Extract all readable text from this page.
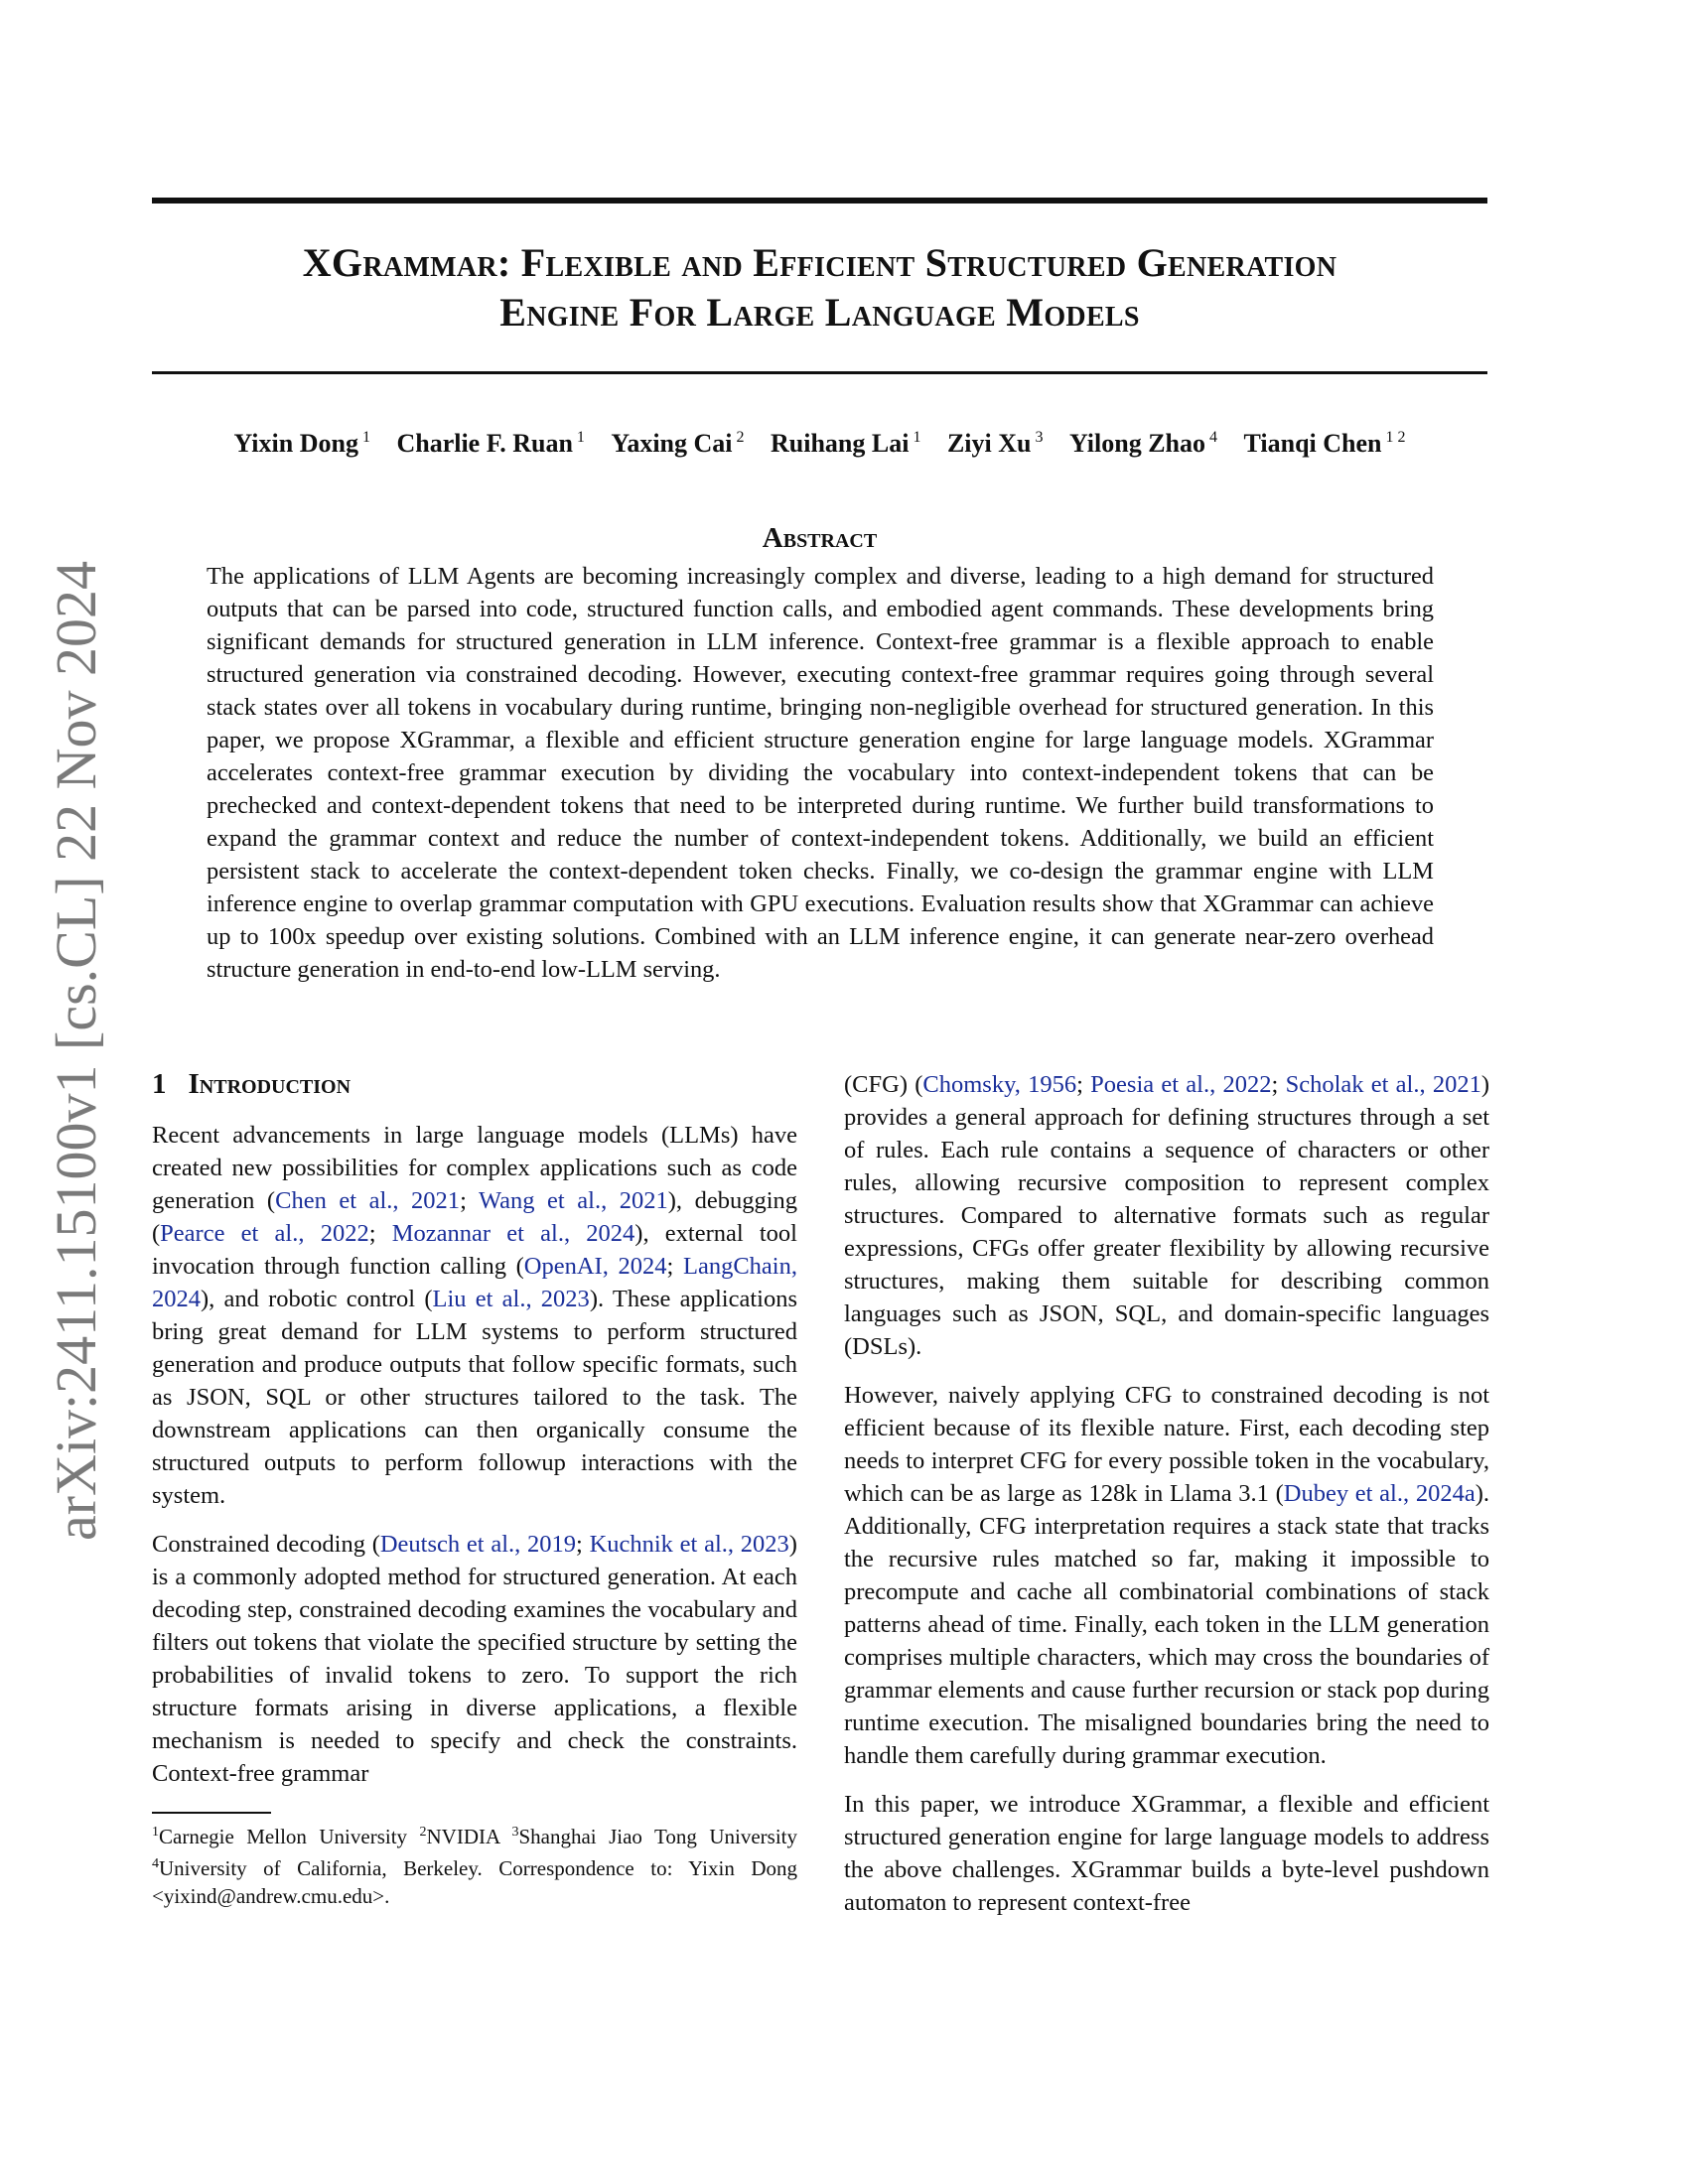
arXiv:2411.15100v1 [cs.CL] 22 Nov 2024
XGrammar: Flexible and Efficient Structured Generation
Engine For Large Language Models
Yixin Dong $^1$ Charlie F. Ruan $^1$ Yaxing Cai $^2$ Ruihang Lai $^1$ Ziyi Xu $^3$ Yilong Zhao $^4$ Tianqi Chen $^{1 2}$
Abstract

The applications of LLM Agents are becoming increasingly complex and diverse, leading to a high demand for structured outputs that can be parsed into code, structured function calls, and embodied agent commands. These developments bring significant demands for structured generation in LLM inference. Context-free grammar is a flexible approach to enable structured generation via constrained decoding. However, executing context-free grammar requires going through several stack states over all tokens in vocabulary during runtime, bringing non-negligible overhead for structured generation. In this paper, we propose XGrammar, a flexible and efficient structure generation engine for large language models. XGrammar accelerates context-free grammar execution by dividing the vocabulary into context-independent tokens that can be prechecked and context-dependent tokens that need to be interpreted during runtime. We further build transformations to expand the grammar context and reduce the number of context-independent tokens. Additionally, we build an efficient persistent stack to accelerate the context-dependent token checks. Finally, we co-design the grammar engine with LLM inference engine to overlap grammar computation with GPU executions. Evaluation results show that XGrammar can achieve up to 100x speedup over existing solutions. Combined with an LLM inference engine, it can generate near-zero overhead structure generation in end-to-end low-LLM serving.

1 Introduction

Recent advancements in large language models (LLMs) have created new possibilities for complex applications such as code generation (Chen et al., 2021; Wang et al., 2021), debugging (Pearce et al., 2022; Mozannar et al., 2024), external tool invocation through function calling (OpenAI, 2024; LangChain, 2024), and robotic control (Liu et al., 2023). These applications bring great demand for LLM systems to perform structured generation and produce outputs that follow specific formats, such as JSON, SQL or other structures tailored to the task. The downstream applications can then organically consume the structured outputs to perform followup interactions with the system.

Constrained decoding (Deutsch et al., 2019; Kuchnik et al., 2023) is a commonly adopted method for structured generation. At each decoding step, constrained decoding examines the vocabulary and filters out tokens that violate the specified structure by setting the probabilities of invalid tokens to zero. To support the rich structure formats arising in diverse applications, a flexible mechanism is needed to specify and check the constraints. Context-free grammar

$^1$Carnegie Mellon University $^2$NVIDIA $^3$Shanghai Jiao Tong University $^4$University of California, Berkeley. Correspondence to: Yixin Dong <yixind@andrew.cmu.edu>.

(CFG) (Chomsky, 1956; Poesia et al., 2022; Scholak et al., 2021) provides a general approach for defining structures through a set of rules. Each rule contains a sequence of characters or other rules, allowing recursive composition to represent complex structures. Compared to alternative formats such as regular expressions, CFGs offer greater flexibility by allowing recursive structures, making them suitable for describing common languages such as JSON, SQL, and domain-specific languages (DSLs).

However, naively applying CFG to constrained decoding is not efficient because of its flexible nature. First, each decoding step needs to interpret CFG for every possible token in the vocabulary, which can be as large as 128k in Llama 3.1 (Dubey et al., 2024a). Additionally, CFG interpretation requires a stack state that tracks the recursive rules matched so far, making it impossible to precompute and cache all combinatorial combinations of stack patterns ahead of time. Finally, each token in the LLM generation comprises multiple characters, which may cross the boundaries of grammar elements and cause further recursion or stack pop during runtime execution. The misaligned boundaries bring the need to handle them carefully during grammar execution.

In this paper, we introduce XGrammar, a flexible and efficient structured generation engine for large language models to address the above challenges. XGrammar builds a byte-level pushdown automaton to represent context-free
